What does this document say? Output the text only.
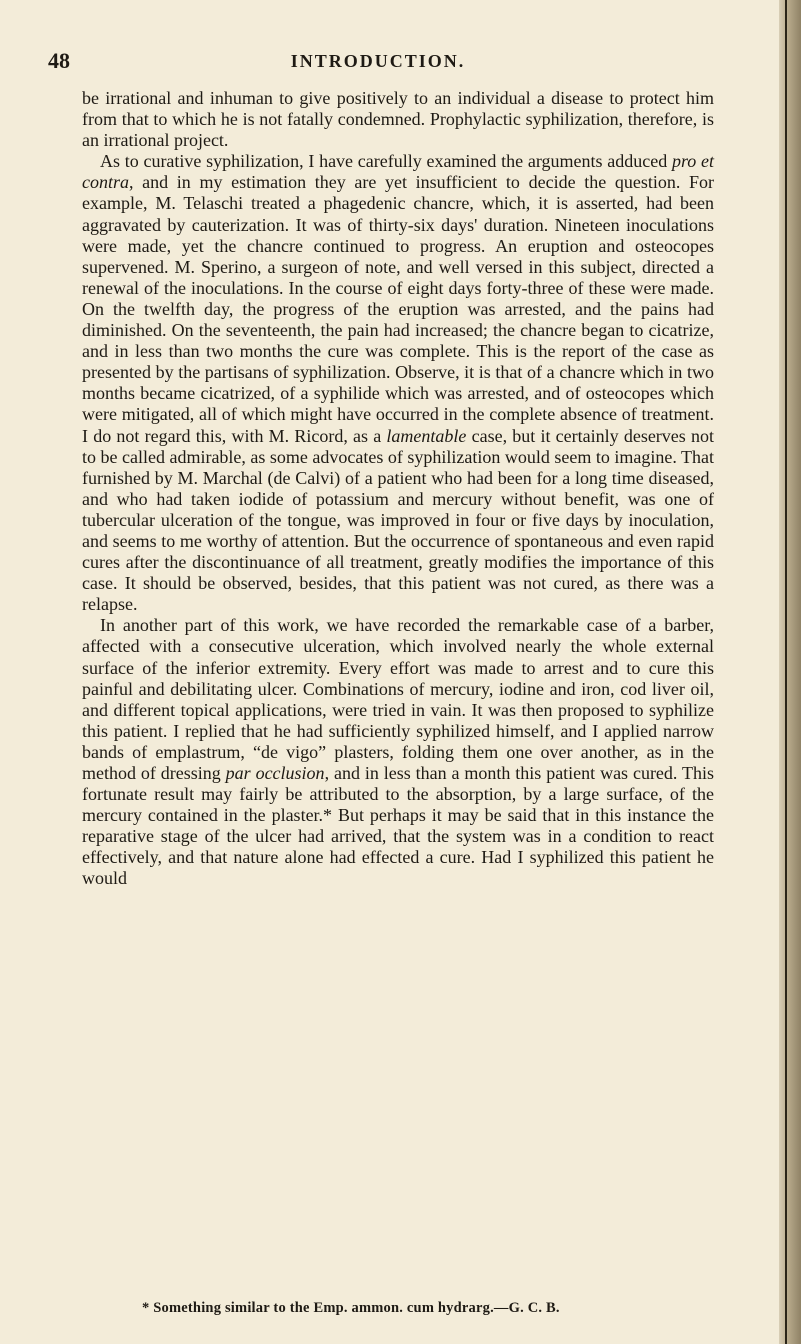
48	INTRODUCTION.

be irrational and inhuman to give positively to an individual a disease to protect him from that to which he is not fatally condemned. Prophylactic syphilization, therefore, is an irrational project.

As to curative syphilization, I have carefully examined the arguments adduced pro et contra, and in my estimation they are yet insufficient to decide the question. For example, M. Telaschi treated a phagedenic chancre, which, it is asserted, had been aggravated by cauterization. It was of thirty-six days' duration. Nineteen inoculations were made, yet the chancre continued to progress. An eruption and osteocopes supervened. M. Sperino, a surgeon of note, and well versed in this subject, directed a renewal of the inoculations. In the course of eight days forty-three of these were made. On the twelfth day, the progress of the eruption was arrested, and the pains had diminished. On the seventeenth, the pain had increased; the chancre began to cicatrize, and in less than two months the cure was complete. This is the report of the case as presented by the partisans of syphilization. Observe, it is that of a chancre which in two months became cicatrized, of a syphilide which was arrested, and of osteocopes which were mitigated, all of which might have occurred in the complete absence of treatment. I do not regard this, with M. Ricord, as a lamentable case, but it certainly deserves not to be called admirable, as some advocates of syphilization would seem to imagine. That furnished by M. Marchal (de Calvi) of a patient who had been for a long time diseased, and who had taken iodide of potassium and mercury without benefit, was one of tubercular ulceration of the tongue, was improved in four or five days by inoculation, and seems to me worthy of attention. But the occurrence of spontaneous and even rapid cures after the discontinuance of all treatment, greatly modifies the importance of this case. It should be observed, besides, that this patient was not cured, as there was a relapse.

In another part of this work, we have recorded the remarkable case of a barber, affected with a consecutive ulceration, which involved nearly the whole external surface of the inferior extremity. Every effort was made to arrest and to cure this painful and debilitating ulcer. Combinations of mercury, iodine and iron, cod liver oil, and different topical applications, were tried in vain. It was then proposed to syphilize this patient. I replied that he had sufficiently syphilized himself, and I applied narrow bands of emplastrum, “de vigo” plasters, folding them one over another, as in the method of dressing par occlusion, and in less than a month this patient was cured. This fortunate result may fairly be attributed to the absorption, by a large surface, of the mercury contained in the plaster.* But perhaps it may be said that in this instance the reparative stage of the ulcer had arrived, that the system was in a condition to react effectively, and that nature alone had effected a cure. Had I syphilized this patient he would

* Something similar to the Emp. ammon. cum hydrarg.—G. C. B.
